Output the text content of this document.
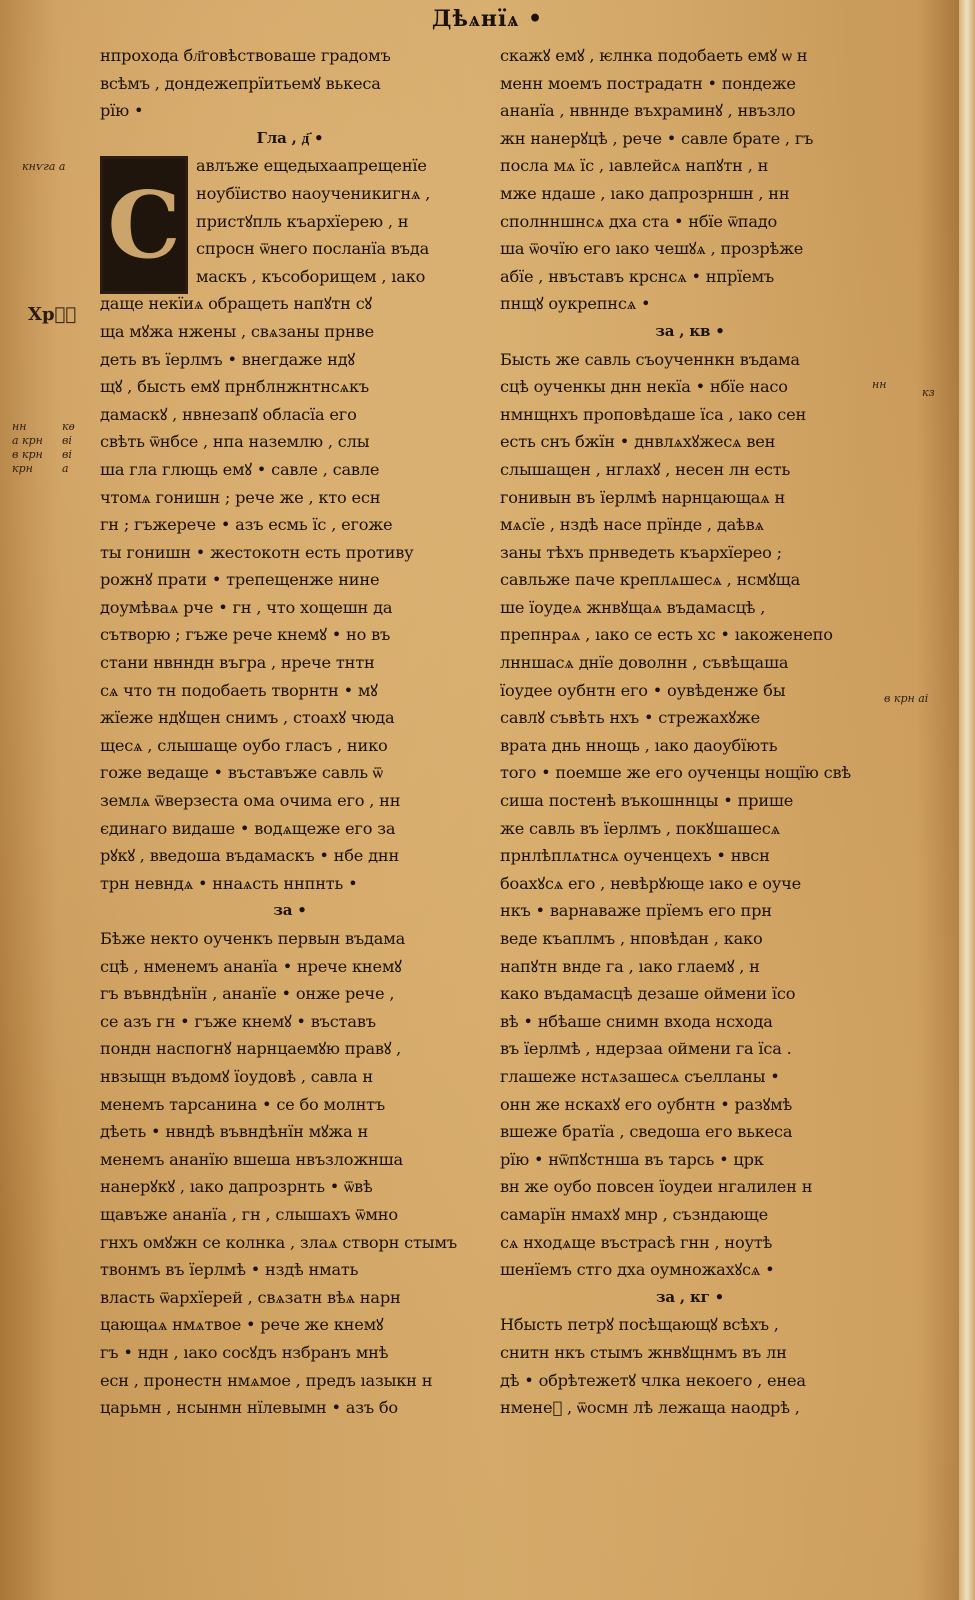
Дѣѧнїѧ •
кнѵга а
Хрⷭ҇
нн
а крн
в крн
крн
кѳ
ві
ві
а
нн
кз
в крн аі
нпрохода бл҃говѣствоваше градомъ
всѣмъ , дондежепрїитьемꙋ вькеса
рїю •
Гла , д҃ •
С
авлъже ещедыхаапрещенїе
ноубїиство наоученикигнѧ ,
пристꙋпль къархїерею , н
спросн ѿнего посланїа въда
маскъ , късоборищем , ıако
даще некїиѧ обращеть напꙋтн сꙋ
ща мꙋжа нжены , свѧзаны прнве
деть въ їерлмъ • внегдаже ндꙋ
щꙋ , бысть емꙋ прнблнжнтнсѧкъ
дамаскꙋ , нвнезапꙋ обласїа его
свѣть ѿнбсе , нпа наземлю , слы
ша гла глющь емꙋ • савле , савле
чтомѧ гонишн ; рече же , кто есн
гн ; гъжерече • азъ есмь їс , егоже
ты гонишн • жестокотн есть противу
рожнꙋ прати • трепещенже нине
доумѣваѧ рче • гн , что хощешн да
сътворю ; гъже рече кнемꙋ • но въ
стани нвнндн въгра , нрече тнтн
сѧ что тн подобаеть творнтн • мꙋ
жїеже ндꙋщен снимъ , стоахꙋ чюда
щесѧ , слышаще оубо гласъ , нико
гоже ведаще • въставъже савль ѿ
землѧ ѿверзеста ома очима его , нн
єдинаго видаше • водѧщеже его за
рꙋкꙋ , введоша въдамаскъ • нбе днн
трн невндѧ • ннаѧсть ннпнть •
за •
Бѣже некто оученкъ первын въдама
сцѣ , нменемъ ананїа • нрече кнемꙋ
гъ въвндѣнїн , ананїе • онже рече ,
се азъ гн • гъже кнемꙋ • въставъ
пондн наспогнꙋ нарнцаемꙋю правꙋ ,
нвзыщн въдомꙋ їоудовѣ , савла н
менемъ тарсанина • се бо молнтъ
дѣеть • нвндѣ въвндѣнїн мꙋжа н
менемъ ананїю вшеша нвъзложнша
нанерꙋкꙋ , ıако дапрозрнть • ѿвѣ
щавъже ананїа , гн , слышахъ ѿмно
гнхъ омꙋжн се колнка , злаѧ створн стымъ
твонмъ въ їерлмѣ • нздѣ нмать
власть ѿархїерей , свѧзатн вѣѧ нарн
цающаѧ нмѧтвое • рече же кнемꙋ
гъ • ндн , ıако сосꙋдъ нзбранъ мнѣ
есн , пронестн нмѧмое , предъ ıазыкн н
царьмн , нсынмн нїлевымн • азъ бо
скажꙋ емꙋ , ѥлнка подобаеть емꙋ ѡ н
менн моемъ пострадатн • пондеже
ананїа , нвннде въхраминꙋ , нвъзло
жн нанерꙋцѣ , рече • савле брате , гъ
посла мѧ їс , ıавлейсѧ напꙋтн , н
мже ндаше , ıако дапрозрншн , нн
сполнншнсѧ дха ста • нбїе ѿпадо
ша ѿочїю его ıако чешꙋѧ , прозрѣже
абїе , нвъставъ крснсѧ • нпрїемъ
пнщꙋ оукрепнсѧ •
за , кв •
Бысть же савль съоученнкн въдама
сцѣ оученкы днн некїа • нбїе насо
нмнщнхъ проповѣдаше їса , ıако сен
есть снъ бжїн • днвлѧхꙋжесѧ вен
слышащен , нглахꙋ , несен лн есть
гонивын въ їерлмѣ нарнцающаѧ н
мѧсїе , нздѣ насе прїнде , даѣвѧ
заны тѣхъ прнведеть къархїерео ;
савльже паче креплѧшесѧ , нсмꙋща
ше їоудеѧ жнвꙋщаѧ въдамасцѣ ,
препнраѧ , ıако се есть хс • ıакоженепо
лнншасѧ днїе доволнн , съвѣщаша
їоудее оубнтн его • оувѣденже бы
савлꙋ съвѣть нхъ • стрежахꙋже
врата днь ннощь , ıако даоубїють
того • поемше же его оученцы нощїю свѣ
сиша постенѣ въкошннцы • прише
же савль въ їерлмъ , покꙋшашесѧ
прнлѣплѧтнсѧ оученцехъ • нвсн
боахꙋсѧ его , невѣрꙋюще ıако е оуче
нкъ • варнаваже прїемъ его прн
веде къаплмъ , нповѣдан , како
напꙋтн внде га , ıако глаемꙋ , н
како въдамасцѣ дезаше оймени їсо
вѣ • нбѣаше снимн входа нсхода
въ їерлмѣ , ндерзаа оймени га їса .
глашеже нстѧзашесѧ съелланы •
онн же нскахꙋ его оубнтн • разꙋмѣ
вшеже братїа , сведоша его вькеса
рїю • нѿпꙋстнша въ тарсь • црк
вн же оубо повсен їоудеи нгалилен н
самарїн нмахꙋ мнр , съзндающе
сѧ нходѧще въстрасѣ гнн , ноутѣ
шенїемъ стго дха оумножахꙋсѧ •
за , кг •
Нбысть петрꙋ посѣщающꙋ всѣхъ ,
снитн нкъ стымъ жнвꙋщнмъ въ лн
дѣ • обрѣтежетꙋ члка некоего , енеа
нменеⷨ , ѿосмн лѣ лежаща наодрѣ ,
